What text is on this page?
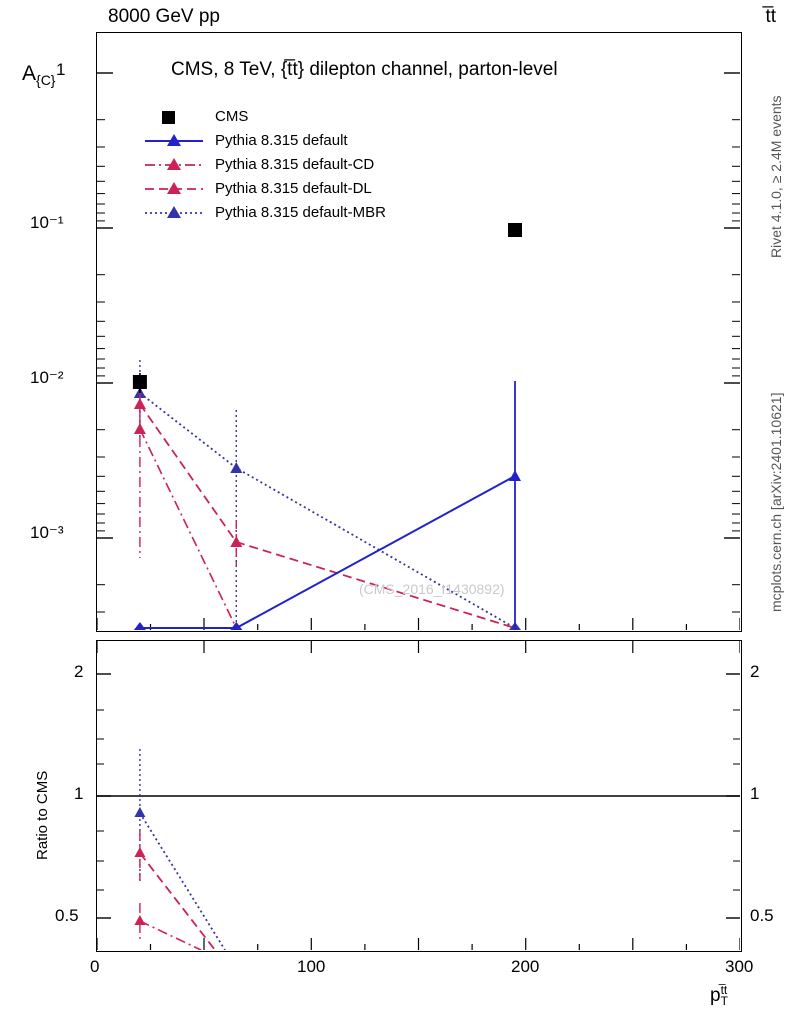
8000 GeV pp	t̅t
Rivet 4.1.0, ≥ 2.4M events
mcplots.cern.ch [arXiv:2401.10621]
$A_{\{C\}}$
Ratio to CMS
p t̅t
T
CMS, 8 TeV, {t̅t} dilepton channel, parton-level
(CMS_2016_I1430892)
CMS
Pythia 8.315 default
Pythia 8.315 default-CD
Pythia 8.315 default-DL
Pythia 8.315 default-MBR
1
10⁻¹
10⁻²
10⁻³
2
1
0.5
2
1
0.5
0	100	200	300
